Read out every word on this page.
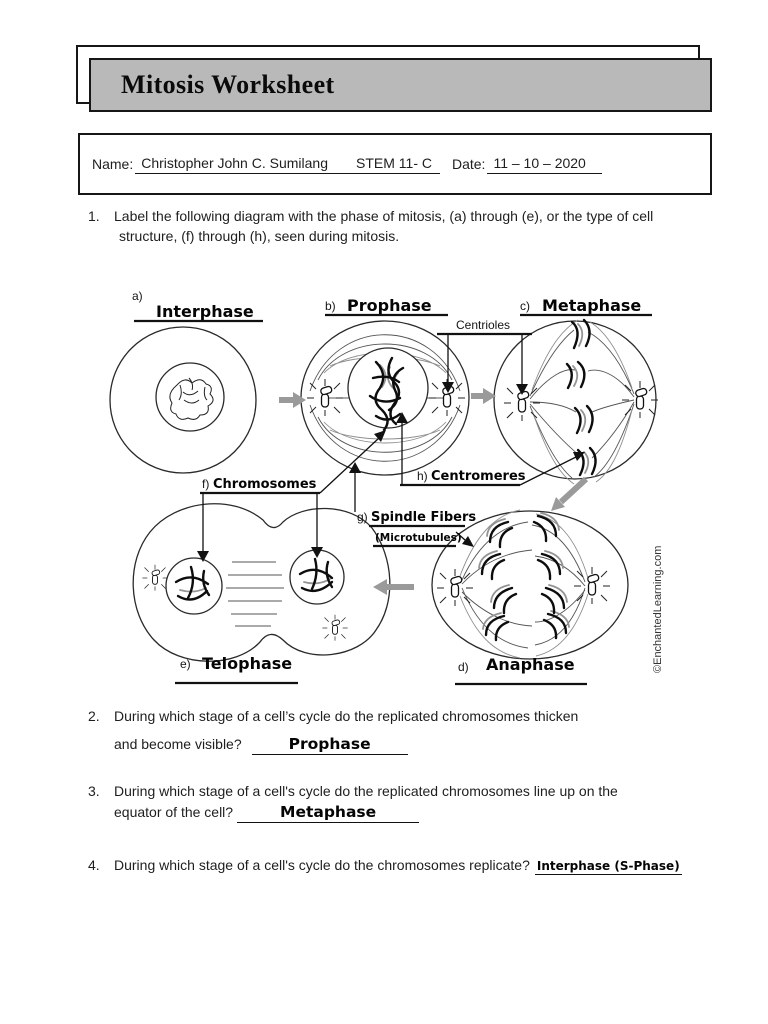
Mitosis Worksheet
Name: Christopher John C. Sumilang STEM 11- C Date: 11 – 10 – 2020
1. Label the following diagram with the phase of mitosis, (a) through (e), or the type of cell
structure, (f) through (h), seen during mitosis.
a)
Interphase	b) Prophase	c) Metaphase
d) Anaphase
e) Telophase
Centrioles
f) Chromosomes
g) Spindle Fibers
(Microtubules)
h) Centromeres
©EnchantedLearning.com
2. During which stage of a cell’s cycle do the replicated chromosomes thicken
and become visible?	Prophase
3. During which stage of a cell's cycle do the replicated chromosomes line up on the
equator of the cell?	Metaphase
4. During which stage of a cell's cycle do the chromosomes replicate? Interphase (S-Phase)
